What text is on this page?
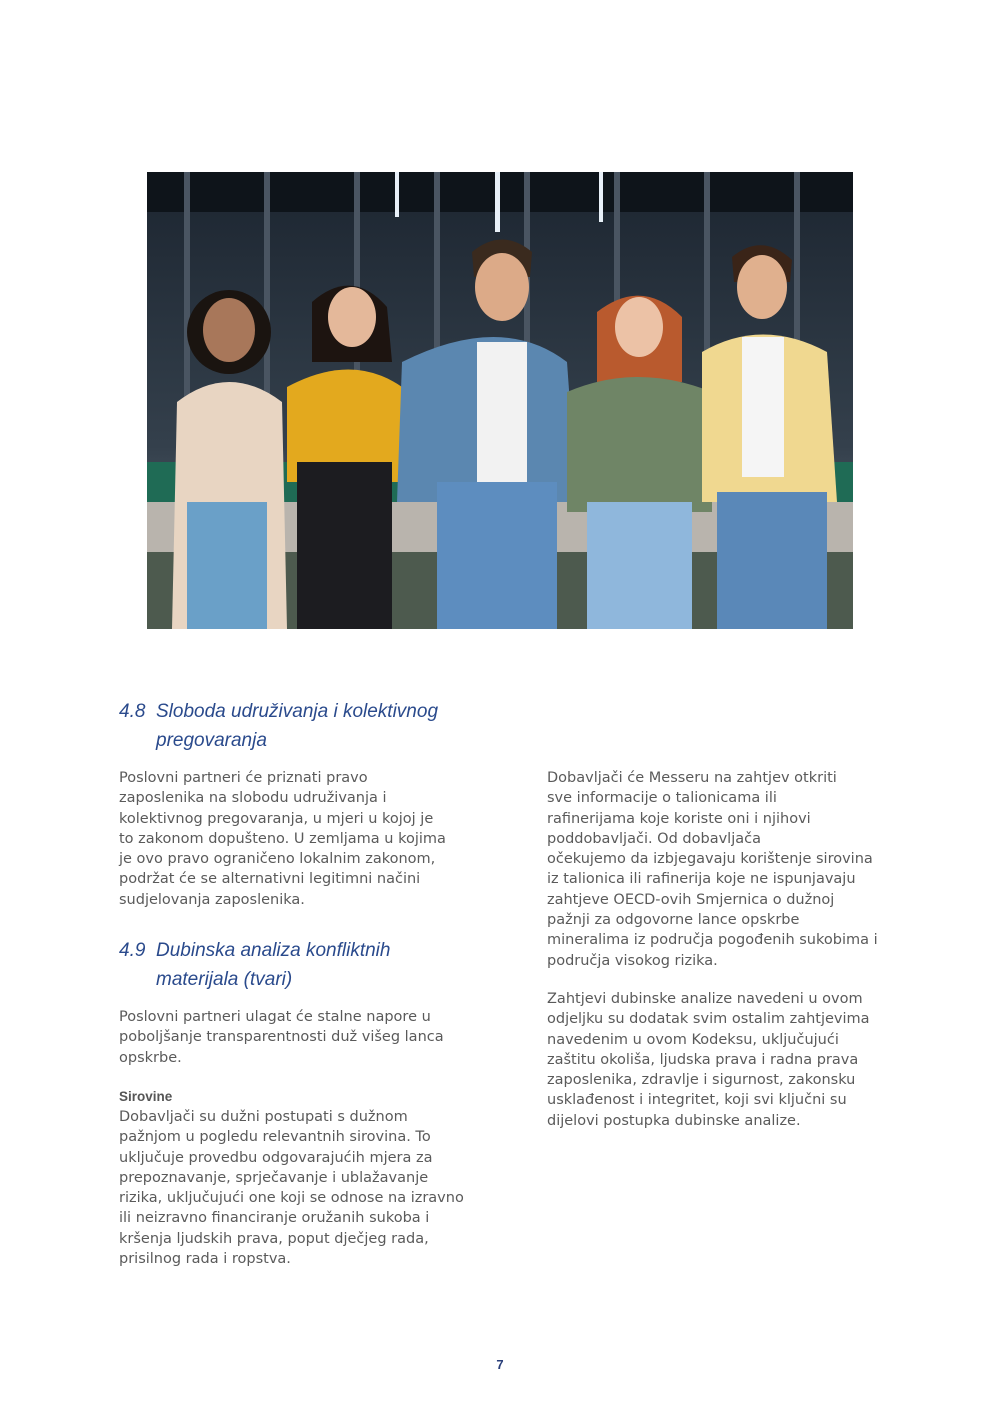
4.8 Sloboda udruživanja i kolektivnog
pregovaranja

Poslovni partneri će priznati pravo
zaposlenika na slobodu udruživanja i
kolektivnog pregovaranja, u mjeri u kojoj je
to zakonom dopušteno. U zemljama u kojima
je ovo pravo ograničeno lokalnim zakonom,
podržat će se alternativni legitimni načini
sudjelovanja zaposlenika.

4.9 Dubinska analiza konfliktnih
materijala (tvari)

Poslovni partneri ulagat će stalne napore u
poboljšanje transparentnosti duž višeg lanca
opskrbe.

Sirovine

Dobavljači su dužni postupati s dužnom
pažnjom u pogledu relevantnih sirovina. To
uključuje provedbu odgovarajućih mjera za
prepoznavanje, sprječavanje i ublažavanje
rizika, uključujući one koji se odnose na izravno
ili neizravno financiranje oružanih sukoba i
kršenja ljudskih prava, poput dječjeg rada,
prisilnog rada i ropstva.

Dobavljači će Messeru na zahtjev otkriti
sve informacije o talionicama ili
rafinerijama koje koriste oni i njihovi
poddobavljači. Od dobavljača
očekujemo da izbjegavaju korištenje sirovina
iz talionica ili rafinerija koje ne ispunjavaju
zahtjeve OECD-ovih Smjernica o dužnoj
pažnji za odgovorne lance opskrbe
mineralima iz područja pogođenih sukobima i
područja visokog rizika.

Zahtjevi dubinske analize navedeni u ovom
odjeljku su dodatak svim ostalim zahtjevima
navedenim u ovom Kodeksu, uključujući
zaštitu okoliša, ljudska prava i radna prava
zaposlenika, zdravlje i sigurnost, zakonsku
usklađenost i integritet, koji svi ključni su
dijelovi postupka dubinske analize.

7
